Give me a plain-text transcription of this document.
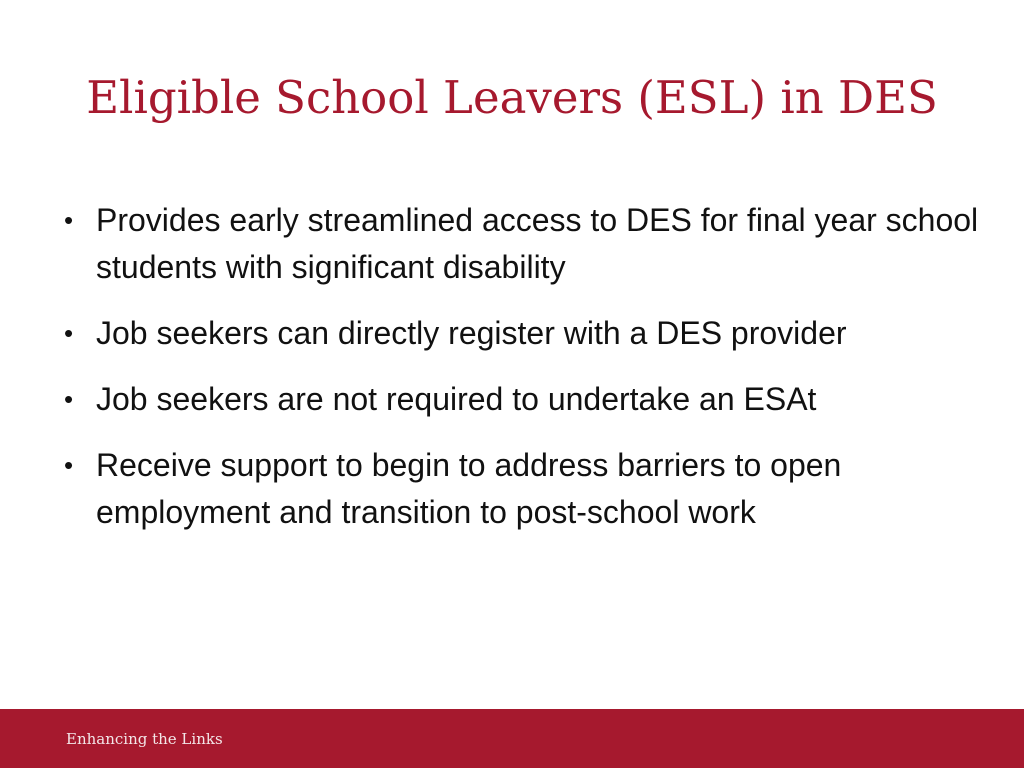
Eligible School Leavers (ESL) in DES
• Provides early streamlined access to DES for final year school students with significant disability
• Job seekers can directly register with a DES provider
• Job seekers are not required to undertake an ESAt
• Receive support to begin to address barriers to open employment and transition to post-school work
Enhancing the Links
